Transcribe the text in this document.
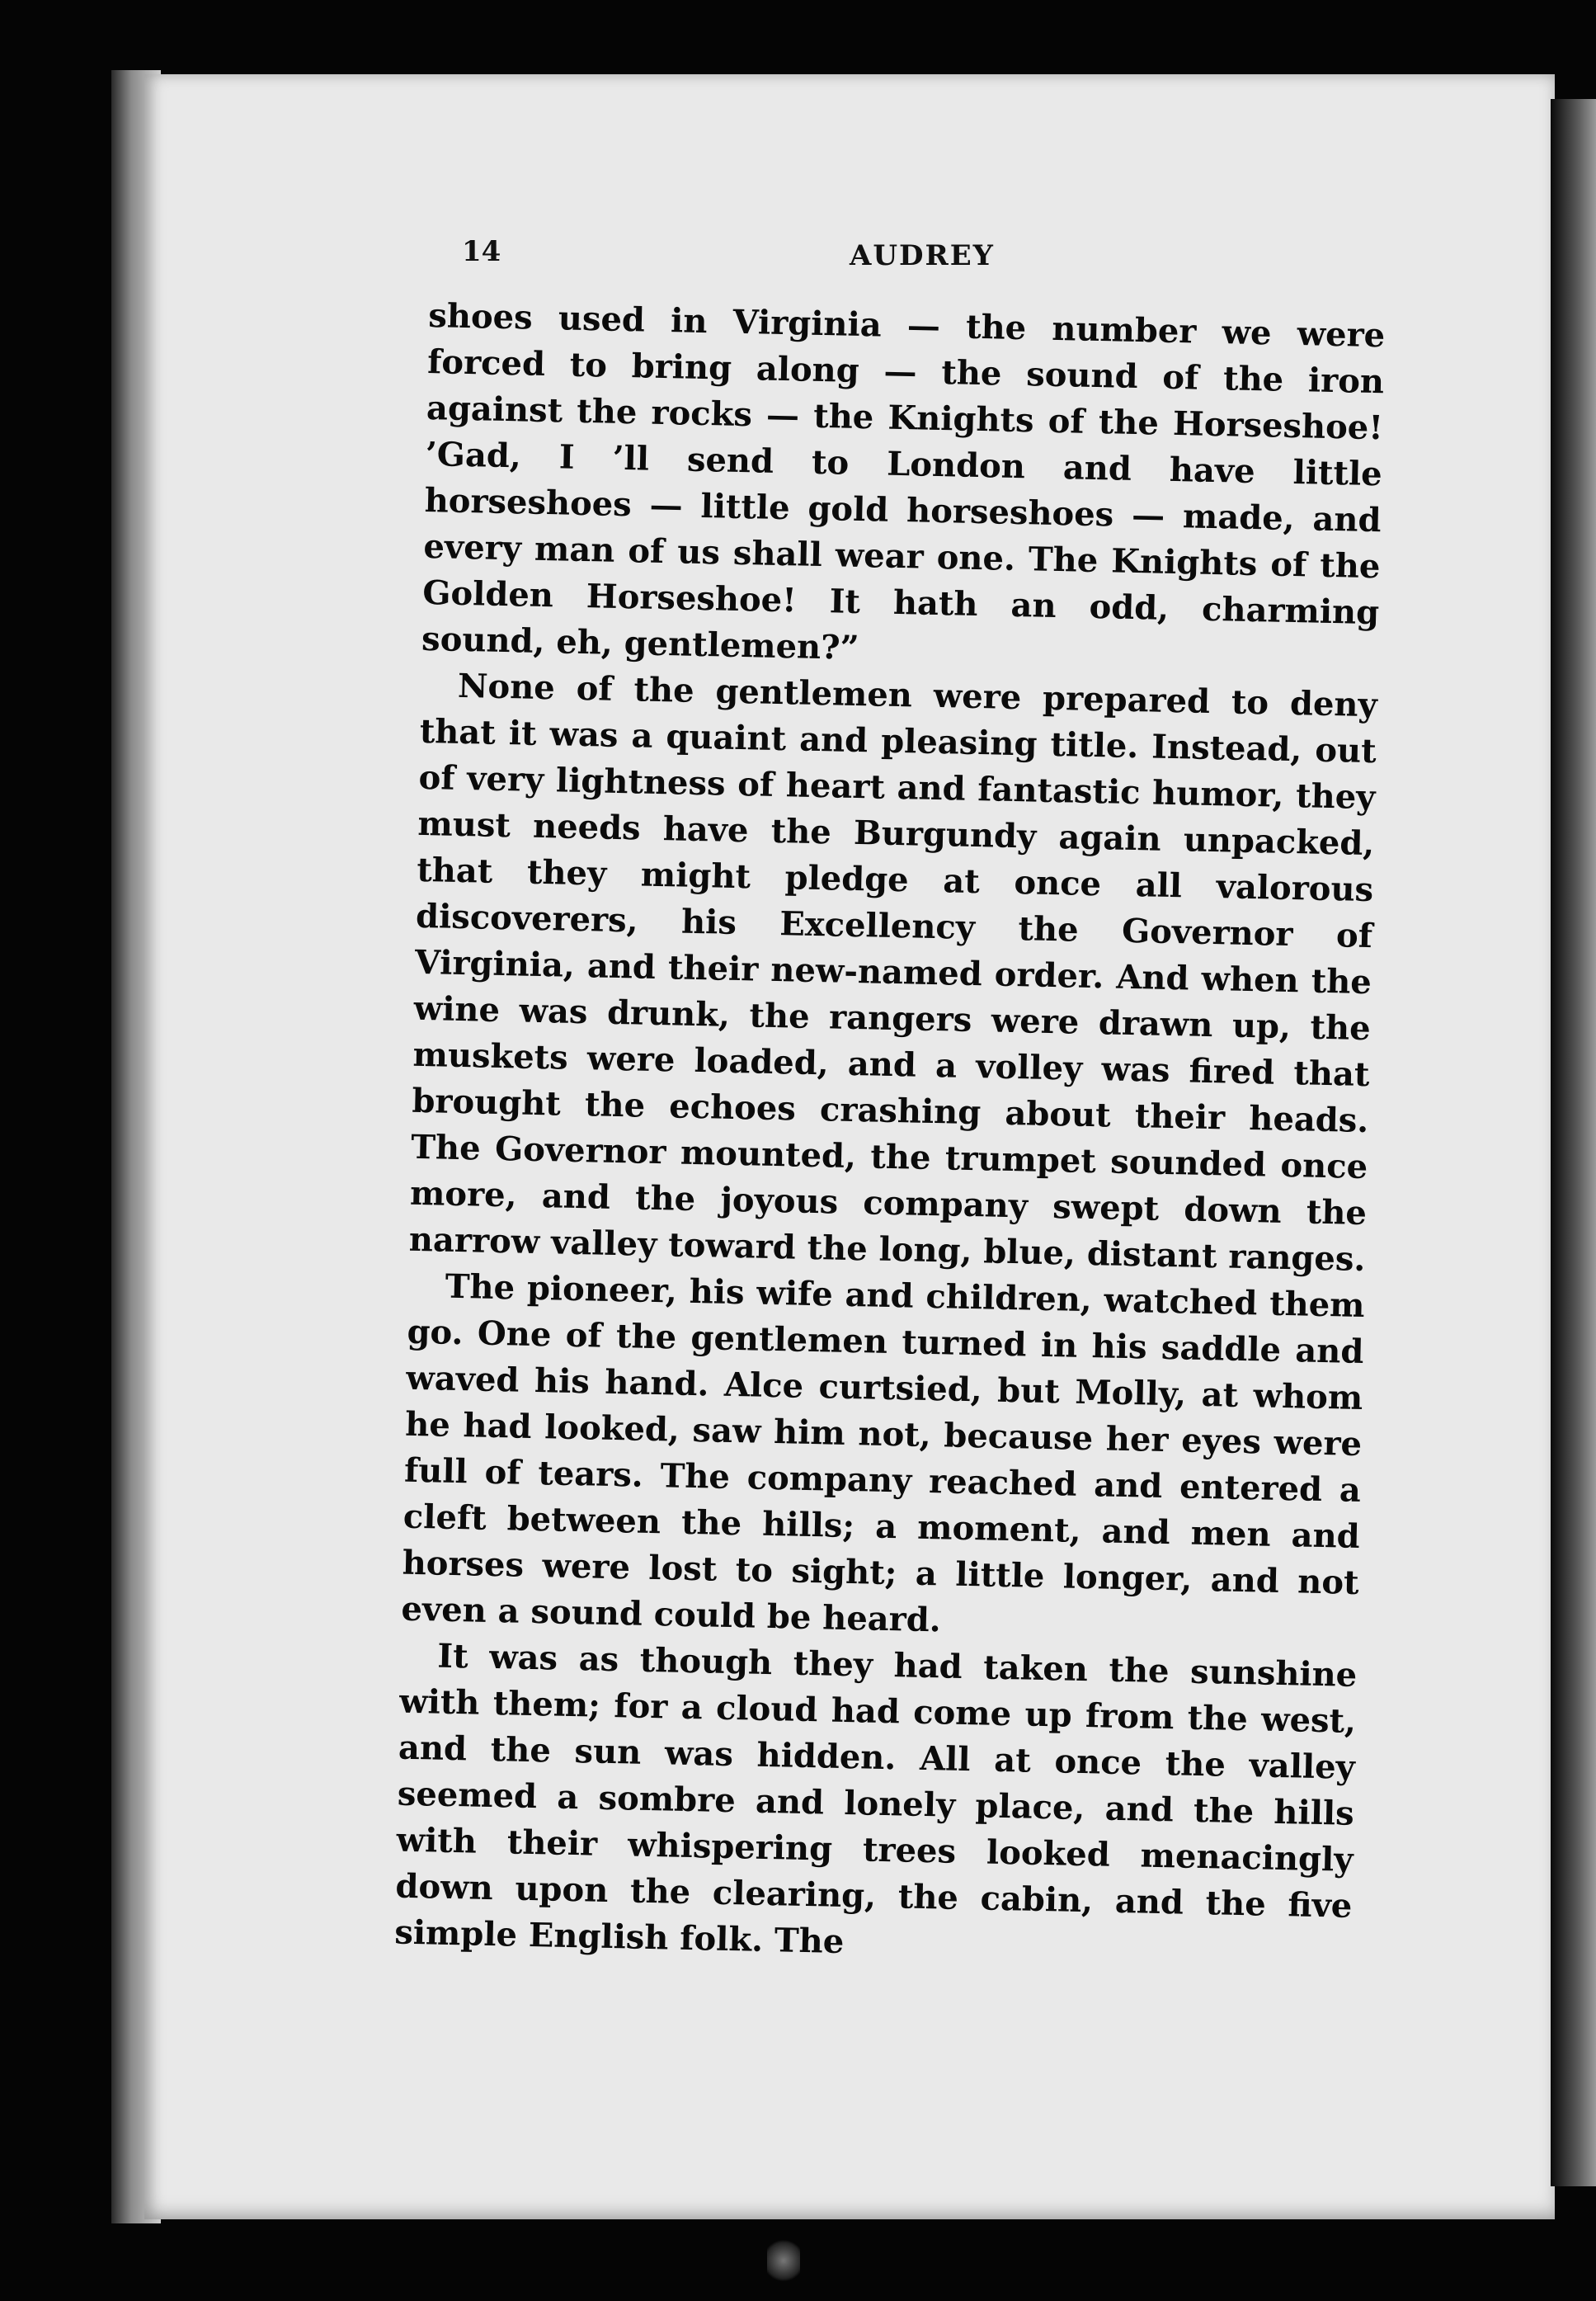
14	AUDREY

shoes used in Virginia — the number we were forced to bring along — the sound of the iron against the rocks — the Knights of the Horseshoe! ’Gad, I ’ll send to London and have little horseshoes — little gold horseshoes — made, and every man of us shall wear one. The Knights of the Golden Horseshoe! It hath an odd, charming sound, eh, gentlemen?”

None of the gentlemen were prepared to deny that it was a quaint and pleasing title. Instead, out of very lightness of heart and fantastic humor, they must needs have the Burgundy again unpacked, that they might pledge at once all valorous discoverers, his Excellency the Governor of Virginia, and their new-named order. And when the wine was drunk, the rangers were drawn up, the muskets were loaded, and a volley was fired that brought the echoes crashing about their heads. The Governor mounted, the trumpet sounded once more, and the joyous company swept down the narrow valley toward the long, blue, distant ranges.

The pioneer, his wife and children, watched them go. One of the gentlemen turned in his saddle and waved his hand. Alce curtsied, but Molly, at whom he had looked, saw him not, because her eyes were full of tears. The company reached and entered a cleft between the hills; a moment, and men and horses were lost to sight; a little longer, and not even a sound could be heard.

It was as though they had taken the sunshine with them; for a cloud had come up from the west, and the sun was hidden. All at once the valley seemed a sombre and lonely place, and the hills with their whispering trees looked menacingly down upon the clearing, the cabin, and the five simple English folk. The
